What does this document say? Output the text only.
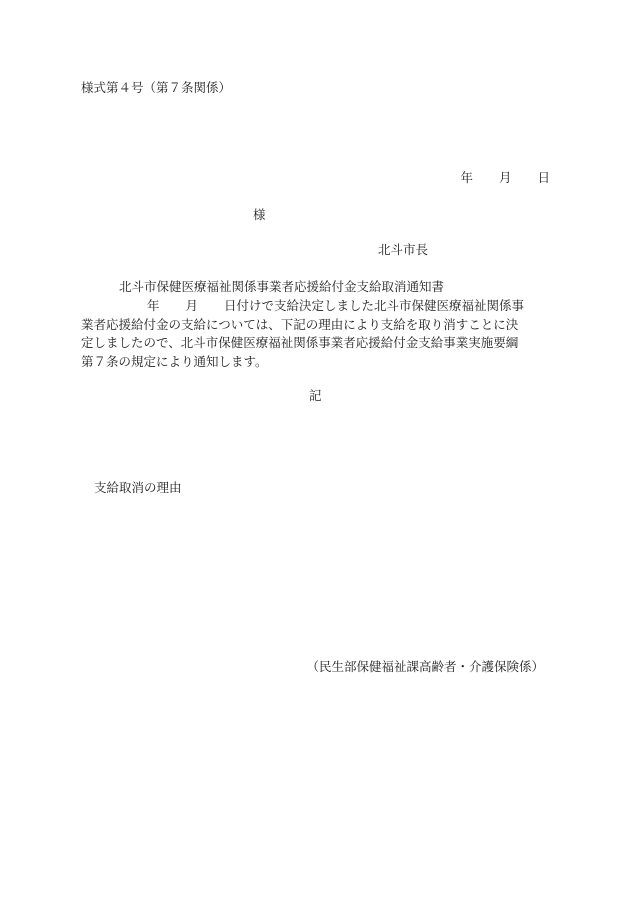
様式第４号（第７条関係）
年 月 日
様
北斗市長
北斗市保健医療福祉関係事業者応援給付金支給取消通知書
年 月 日付けで支給決定しました北斗市保健医療福祉関係事
業者応援給付金の支給については、下記の理由により支給を取り消すことに決
定しましたので、北斗市保健医療福祉関係事業者応援給付金支給事業実施要綱
第７条の規定により通知します。
記
支給取消の理由
（民生部保健福祉課高齢者・介護保険係）
